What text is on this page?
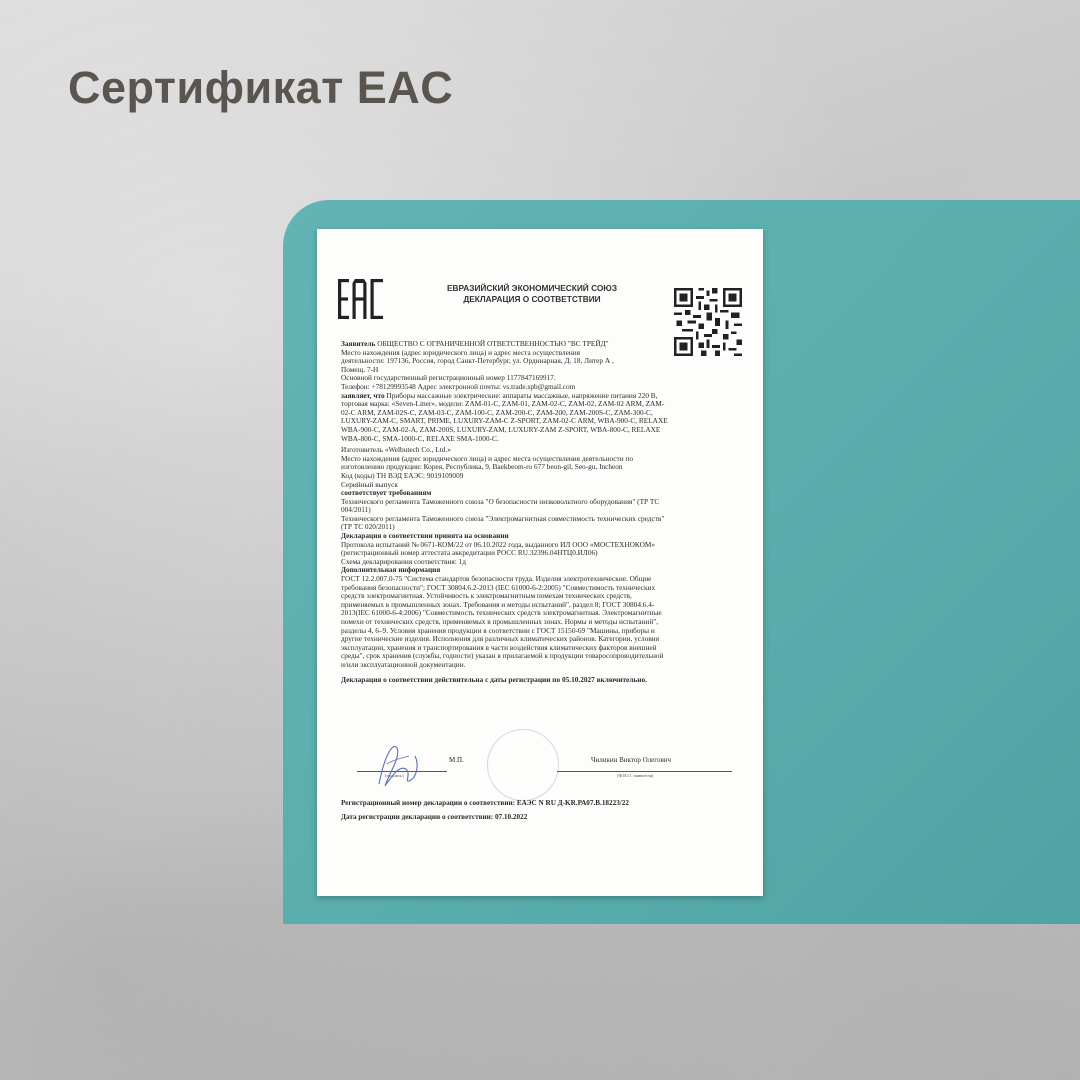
Сертификат EAC
ЕВРАЗИЙСКИЙ ЭКОНОМИЧЕСКИЙ СОЮЗ
ДЕКЛАРАЦИЯ О СООТВЕТСТВИИ

Заявитель ОБЩЕСТВО С ОГРАНИЧЕННОЙ ОТВЕТСТВЕННОСТЬЮ "ВС ТРЕЙД"

Место нахождения (адрес юридического лица) и адрес места осуществления

деятельности: 197136, Россия, город Санкт-Петербург, ул. Ординарная, Д. 18, Литер А ,

Помещ. 7-Н

Основной государственный регистрационный номер 1177847169917.

Телефон: +78129993548 Адрес электронной почты: vs.trade.spb@gmail.com

заявляет, что Приборы массажные электрические: аппараты массажные, напряжение питания 220 В,

торговая марка: «Seven-Liner», модели: ZAM-01-C, ZAM-01, ZAM-02-C, ZAM-02, ZAM-02 ARM, ZAM-

02-C ARM, ZAM-02S-C, ZAM-03-C, ZAM-100-C, ZAM-200-C, ZAM-200, ZAM-200S-C, ZAM-300-C,

LUXURY-ZAM-C, SMART, PRIME, LUXURY-ZAM-C Z-SPORT, ZAM-02-C ARM, WBA-900-C, RELAXE

WBA-900-C, ZAM-02-A, ZAM-200S, LUXURY-ZAM, LUXURY-ZAM Z-SPORT, WBA-800-C, RELAXE

WBA-800-C, SMA-1000-C, RELAXE SMA-1000-C.

Изготовитель «Welbutech Co., Ltd.»

Место нахождения (адрес юридического лица) и адрес места осуществления деятельности по

изготовлению продукции: Корея, Республика, 9, Baekbeom-ro 677 beon-gil, Seo-gu, Incheon

Код (коды) ТН ВЭД ЕАЭС: 9019109009

Серийный выпуск

соответствует требованиям

Технического регламента Таможенного союза "О безопасности низковольтного оборудования" (ТР ТС

004/2011)

Технического регламента Таможенного союза "Электромагнитная совместимость технических средств"

(ТР ТС 020/2011)

Декларация о соответствии принята на основании

Протокола испытаний № 0671-КОМ/22 от 06.10.2022 года, выданного ИЛ ООО «МОСТЕХНОКОМ»

(регистрационный номер аттестата аккредитации РОСС RU.32396.04НТЦ0.ИЛ06)

Схема декларирования соответствия: 1д

Дополнительная информация

ГОСТ 12.2.007.0-75 "Система стандартов безопасности труда. Изделия электротехнические. Общие

требования безопасности"; ГОСТ 30804.6.2-2013 (IEC 61000-6-2:2005) "Совместимость технических

средств электромагнитная. Устойчивость к электромагнитным помехам технических средств,

применяемых в промышленных зонах. Требования и методы испытаний", раздел 8; ГОСТ 30804.6.4-

2013(IEC 61000-6-4:2006) "Совместимость технических средств электромагнитная. Электромагнитные

помехи от технических средств, применяемых в промышленных зонах. Нормы и методы испытаний",

разделы 4, 6–9. Условия хранения продукции в соответствии с ГОСТ 15150-69 "Машины, приборы и

другие технические изделия. Исполнения для различных климатических районов. Категории, условия

эксплуатации, хранения и транспортирования в части воздействия климатических факторов внешней

среды", срок хранения (службы, годности) указан в прилагаемой к продукции товаросопроводительной

и/или эксплуатационной документации.

Декларация о соответствии действительна с даты регистрации по 05.10.2027 включительно.

М.П.	Чиликин Виктор Олегович
(подпись)	(Ф.И.О. заявителя)
Регистрационный номер декларации о соответствии: ЕАЭС N RU Д-KR.РА07.В.18223/22
Дата регистрации декларации о соответствии: 07.10.2022
